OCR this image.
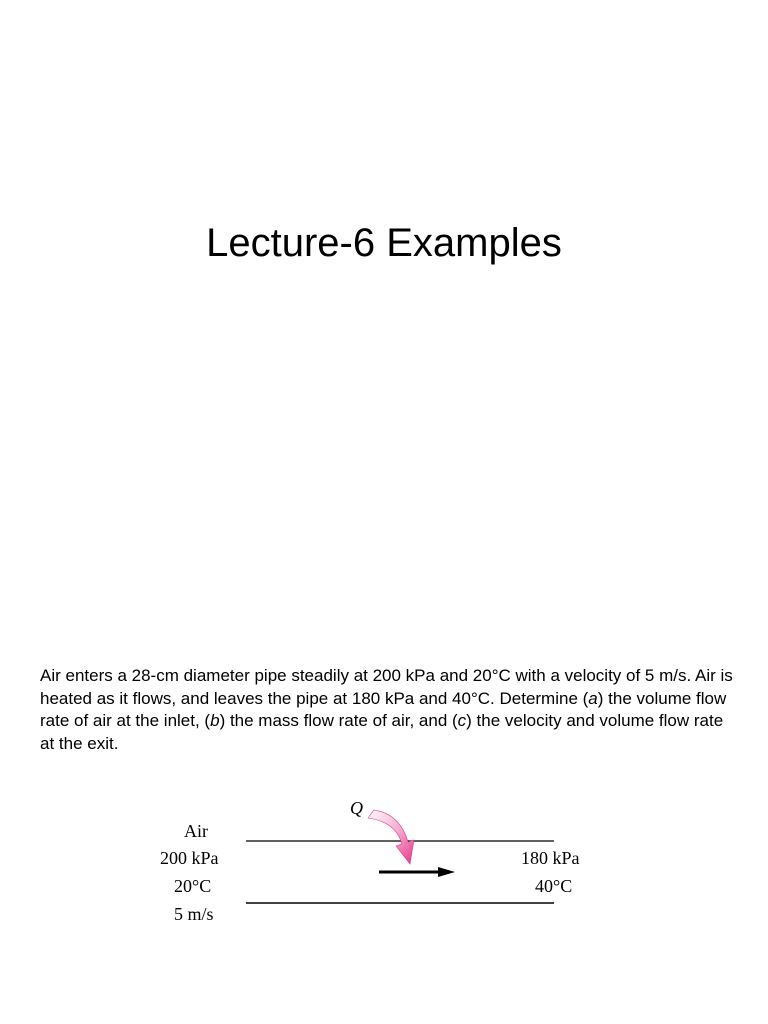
Lecture-6 Examples

Air enters a 28-cm diameter pipe steadily at 200 kPa and 20°C with a velocity of 5 m/s. Air is heated as it flows, and leaves the pipe at 180 kPa and 40°C. Determine (a) the volume flow rate of air at the inlet, (b) the mass flow rate of air, and (c) the velocity and volume flow rate at the exit.

Q
Air
200 kPa
20°C
5 m/s
180 kPa
40°C
